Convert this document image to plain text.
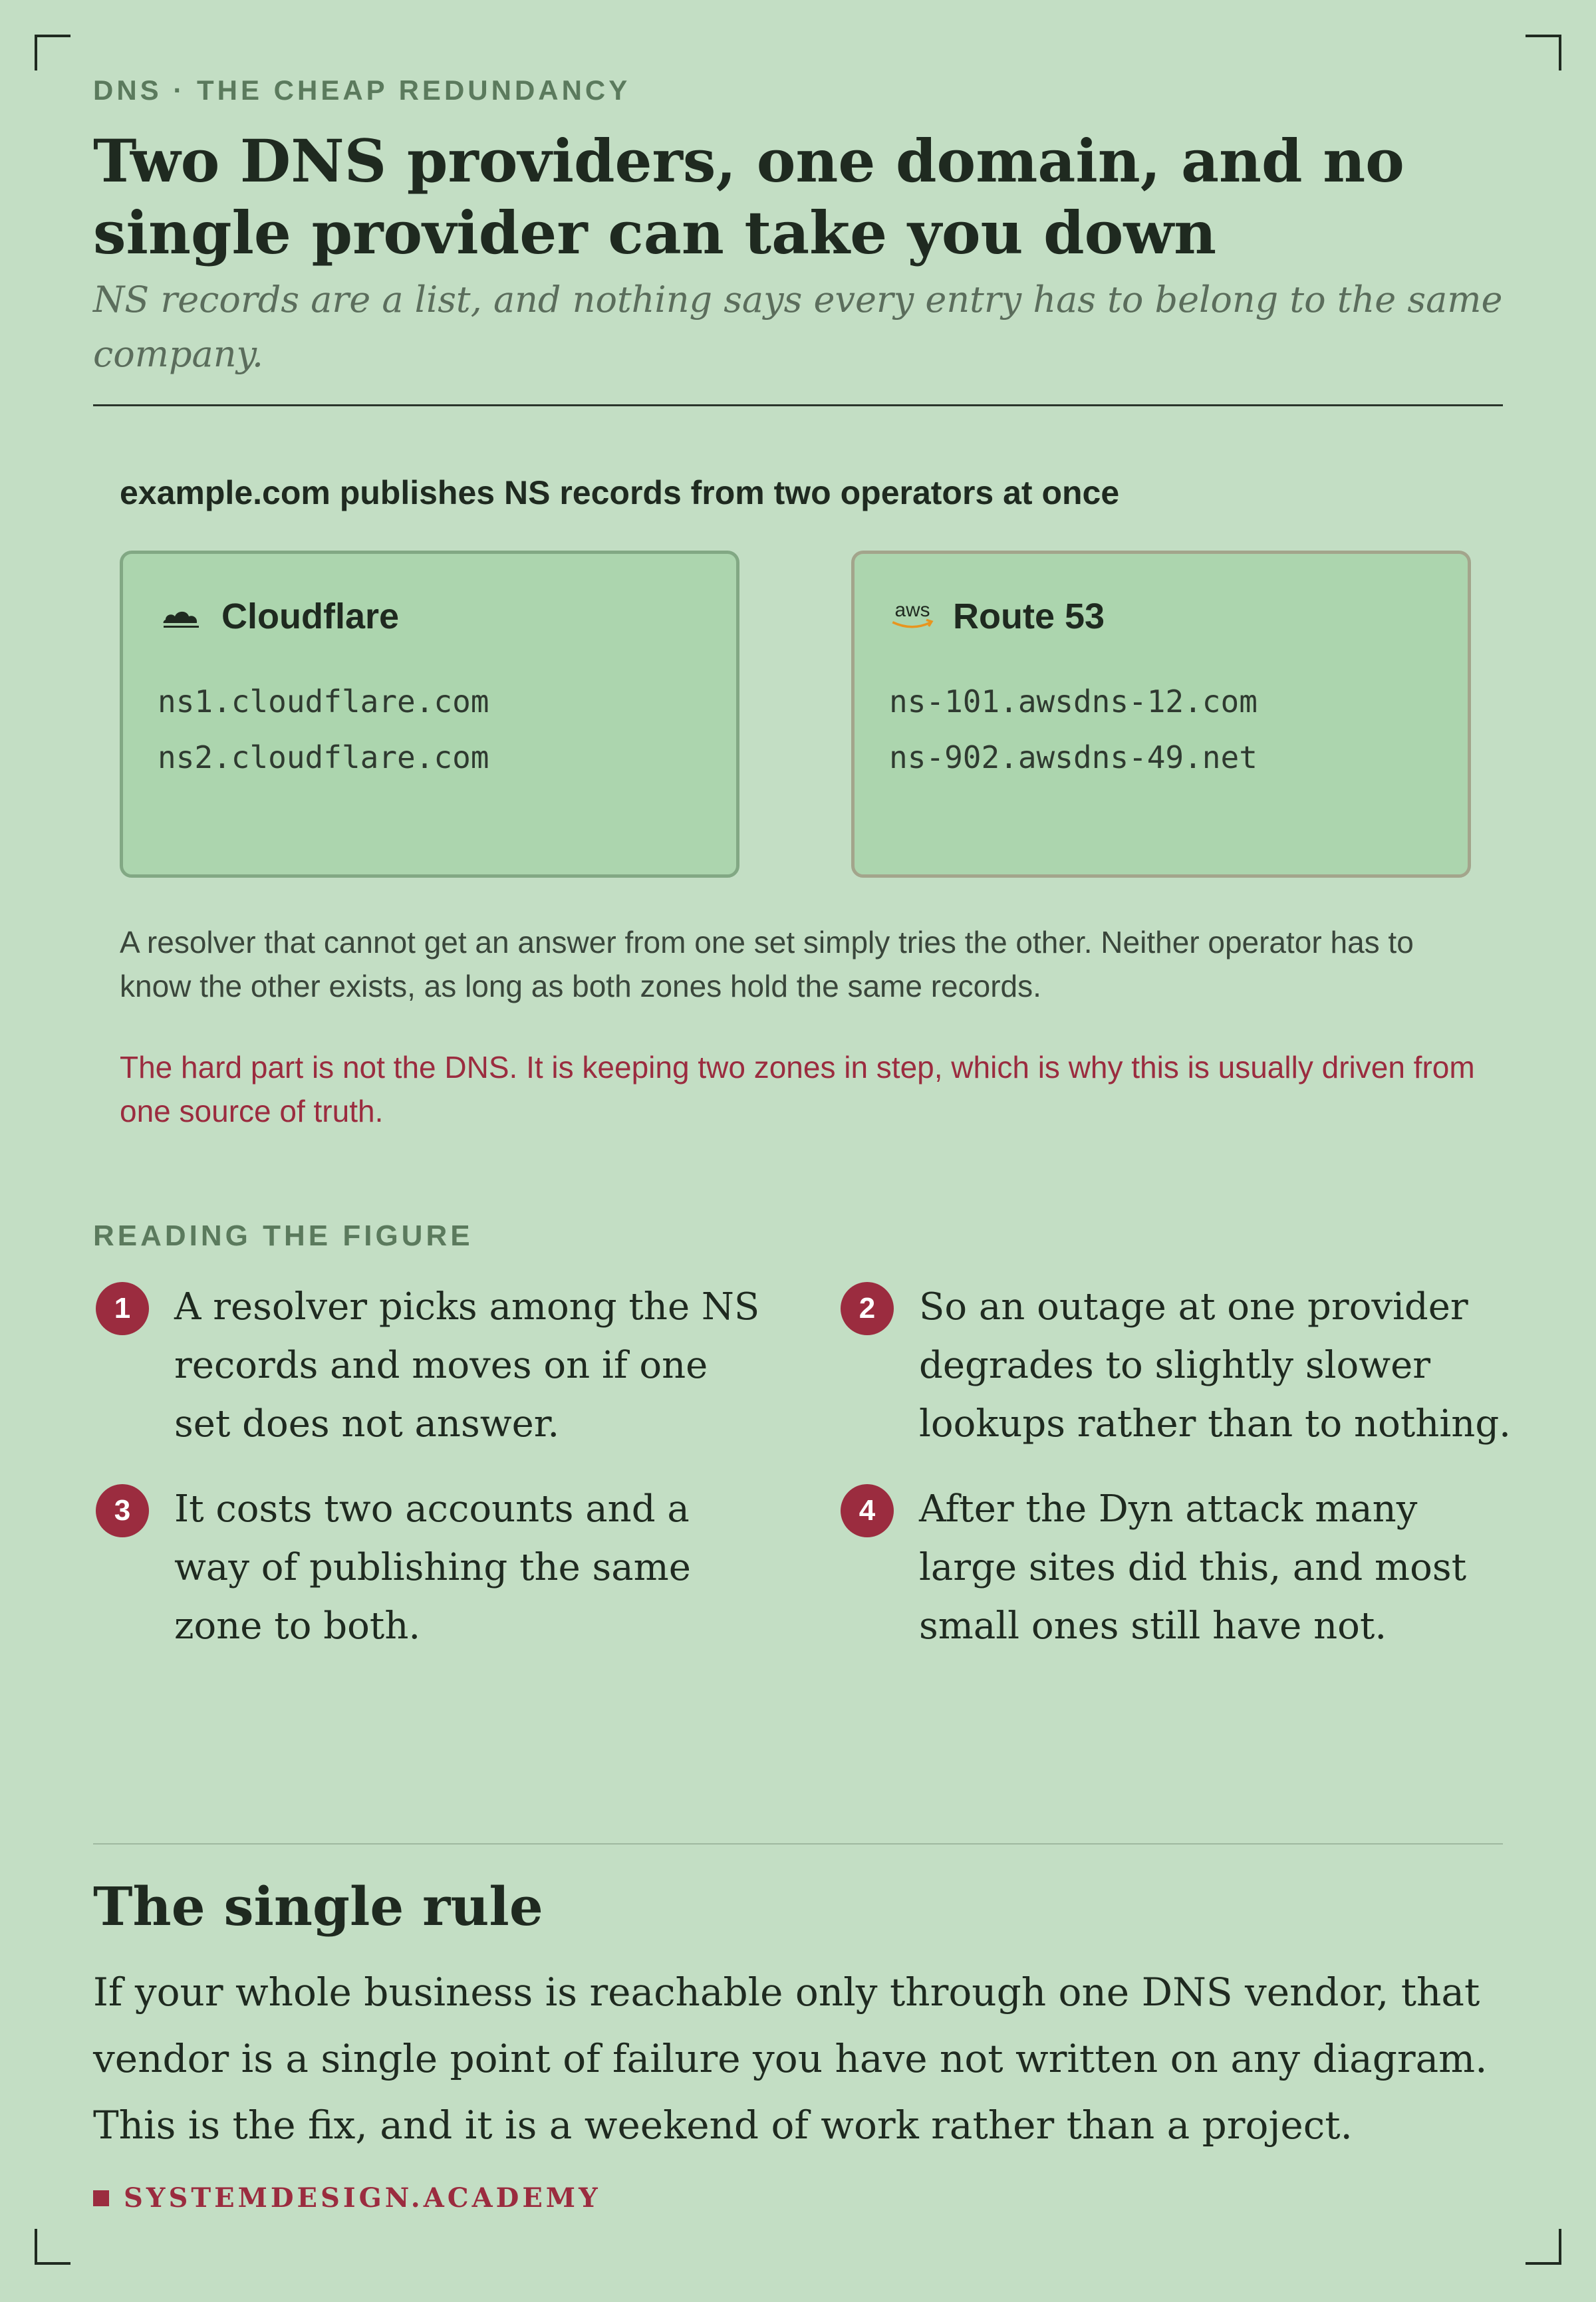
DNS · THE CHEAP REDUNDANCY
Two DNS providers, one domain, and no single provider can take you down
NS records are a list, and nothing says every entry has to belong to the same company.
example.com publishes NS records from two operators at once
Cloudflare
ns1.cloudflare.com
ns2.cloudflare.com
aws Route 53
ns-101.awsdns-12.com
ns-902.awsdns-49.net
A resolver that cannot get an answer from one set simply tries the other. Neither operator has to know the other exists, as long as both zones hold the same records.
The hard part is not the DNS. It is keeping two zones in step, which is why this is usually driven from one source of truth.
READING THE FIGURE
1	A resolver picks among the NS records and moves on if one set does not answer.
2	So an outage at one provider degrades to slightly slower lookups rather than to nothing.
3	It costs two accounts and a way of publishing the same zone to both.
4	After the Dyn attack many large sites did this, and most small ones still have not.
The single rule
If your whole business is reachable only through one DNS vendor, that vendor is a single point of failure you have not written on any diagram. This is the fix, and it is a weekend of work rather than a project.
SYSTEMDESIGN.ACADEMY
